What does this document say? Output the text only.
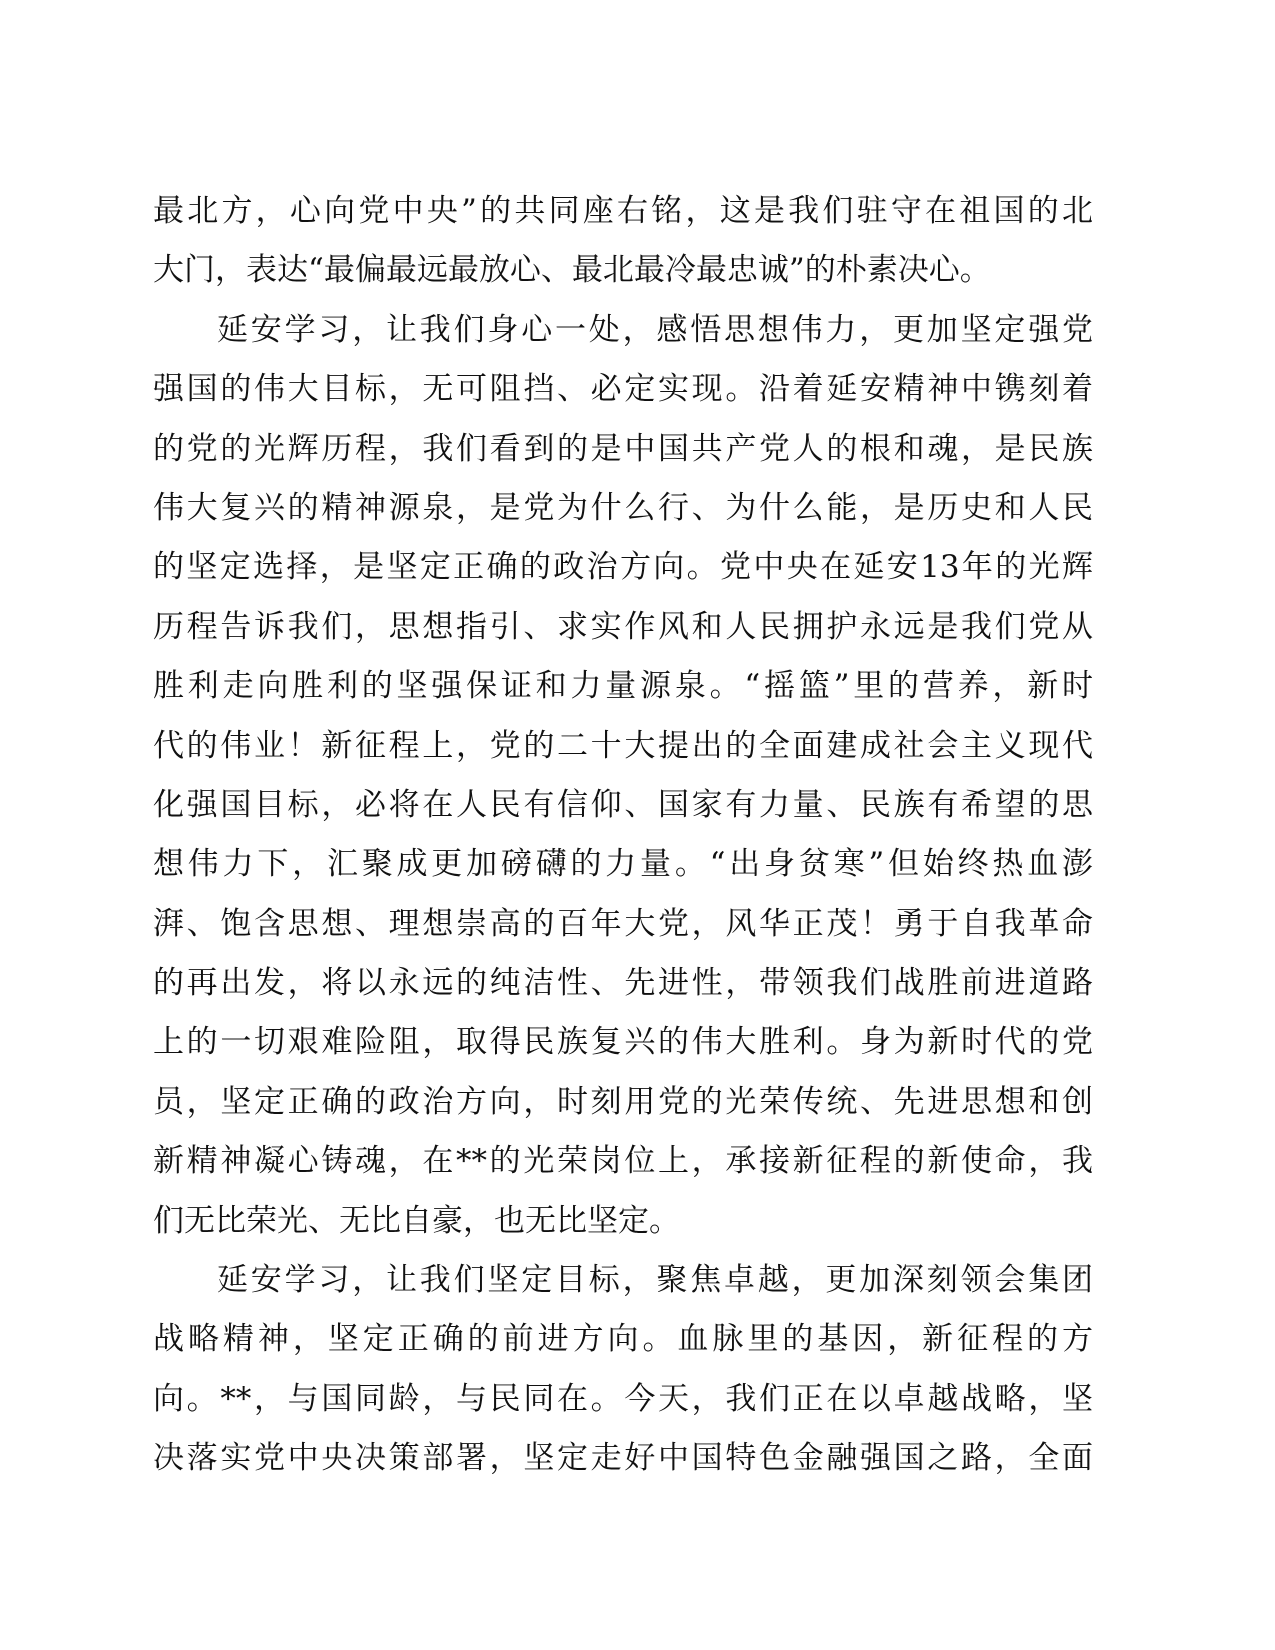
最北方，心向党中央”的共同座右铭，这是我们驻守在祖国的北
大门，表达“最偏最远最放心、最北最冷最忠诚”的朴素决心。
延安学习，让我们身心一处，感悟思想伟力，更加坚定强党
强国的伟大目标，无可阻挡、必定实现。沿着延安精神中镌刻着
的党的光辉历程，我们看到的是中国共产党人的根和魂，是民族
伟大复兴的精神源泉，是党为什么行、为什么能，是历史和人民
的坚定选择，是坚定正确的政治方向。党中央在延安13年的光辉
历程告诉我们，思想指引、求实作风和人民拥护永远是我们党从
胜利走向胜利的坚强保证和力量源泉。“摇篮”里的营养，新时
代的伟业！新征程上，党的二十大提出的全面建成社会主义现代
化强国目标，必将在人民有信仰、国家有力量、民族有希望的思
想伟力下，汇聚成更加磅礴的力量。“出身贫寒”但始终热血澎
湃、饱含思想、理想崇高的百年大党，风华正茂！勇于自我革命
的再出发，将以永远的纯洁性、先进性，带领我们战胜前进道路
上的一切艰难险阻，取得民族复兴的伟大胜利。身为新时代的党
员，坚定正确的政治方向，时刻用党的光荣传统、先进思想和创
新精神凝心铸魂，在**的光荣岗位上，承接新征程的新使命，我
们无比荣光、无比自豪，也无比坚定。
延安学习，让我们坚定目标，聚焦卓越，更加深刻领会集团
战略精神，坚定正确的前进方向。血脉里的基因，新征程的方
向。**，与国同龄，与民同在。今天，我们正在以卓越战略，坚
决落实党中央决策部署，坚定走好中国特色金融强国之路，全面
